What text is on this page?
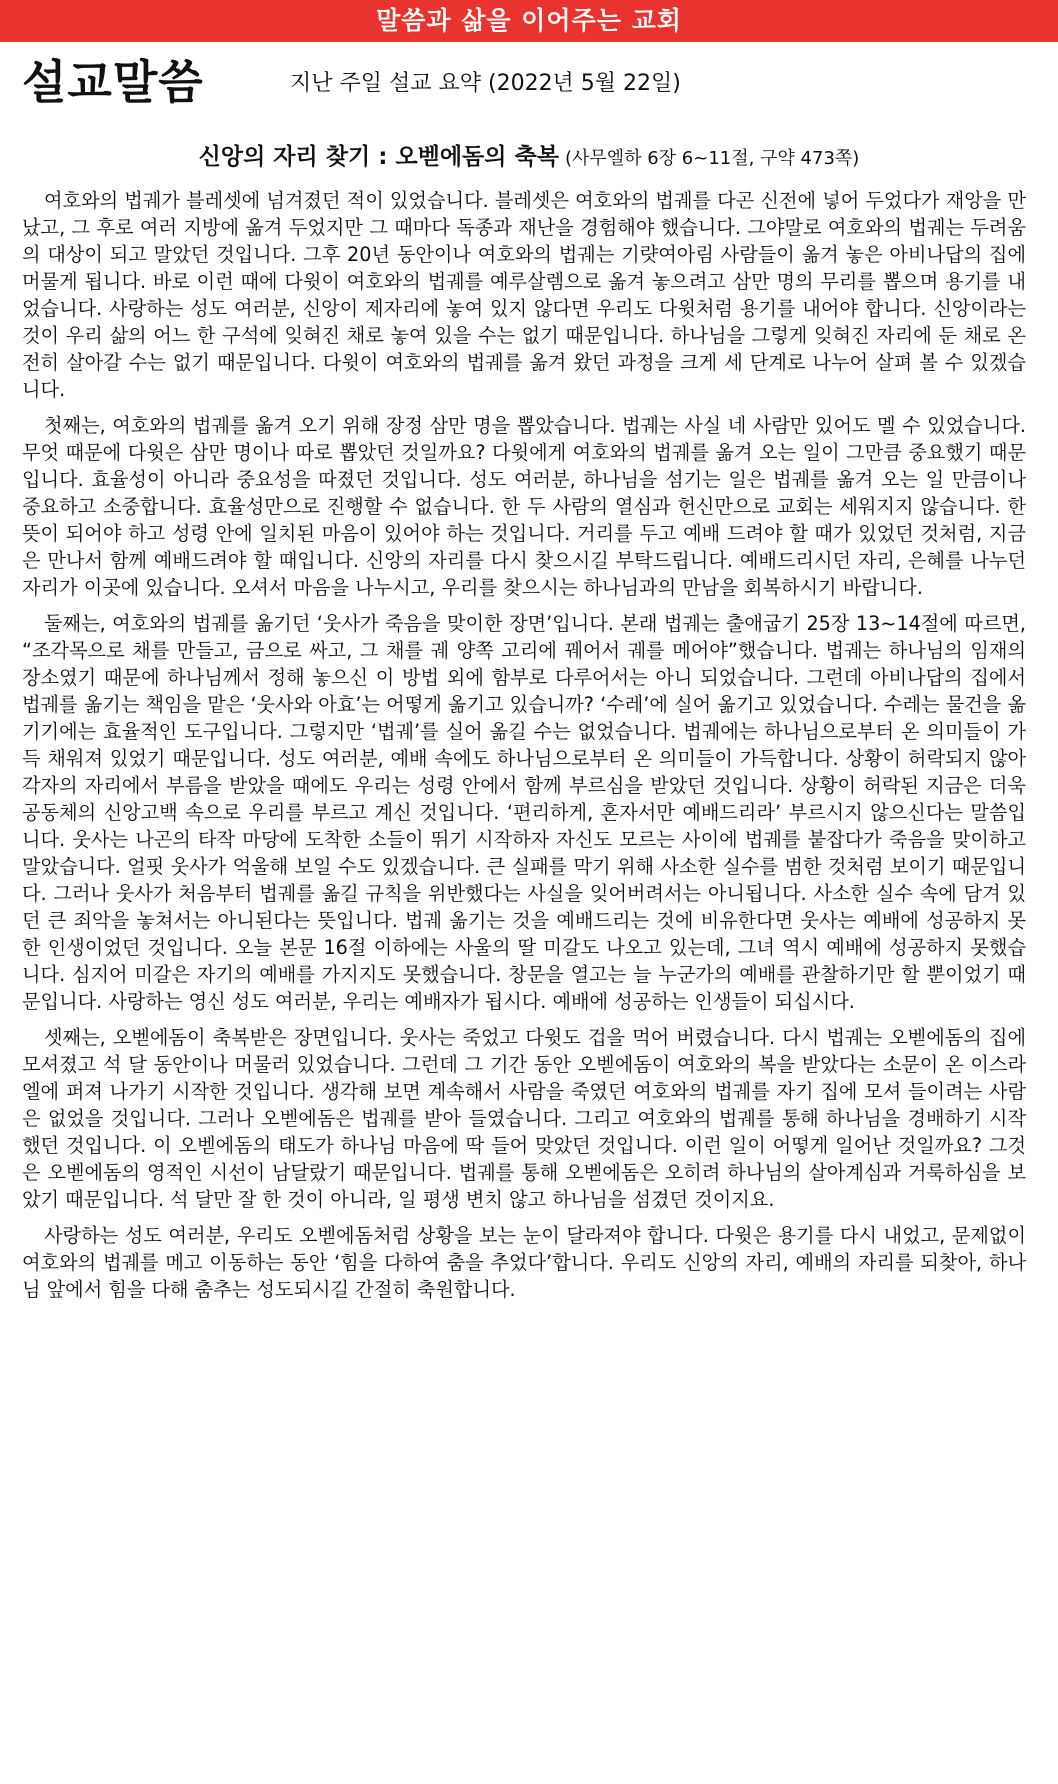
말씀과 삶을 이어주는 교회
설교말씀	지난 주일 설교 요약 (2022년 5월 22일)
신앙의 자리 찾기 : 오벧에돔의 축복 (사무엘하 6장 6~11절, 구약 473쪽)

여호와의 법궤가 블레셋에 넘겨졌던 적이 있었습니다. 블레셋은 여호와의 법궤를 다곤 신전에 넣어 두었다가 재앙을 만났고, 그 후로 여러 지방에 옮겨 두었지만 그 때마다 독종과 재난을 경험해야 했습니다. 그야말로 여호와의 법궤는 두려움의 대상이 되고 말았던 것입니다. 그후 20년 동안이나 여호와의 법궤는 기럇여아림 사람들이 옮겨 놓은 아비나답의 집에 머물게 됩니다. 바로 이런 때에 다윗이 여호와의 법궤를 예루살렘으로 옮겨 놓으려고 삼만 명의 무리를 뽑으며 용기를 내었습니다. 사랑하는 성도 여러분, 신앙이 제자리에 놓여 있지 않다면 우리도 다윗처럼 용기를 내어야 합니다. 신앙이라는 것이 우리 삶의 어느 한 구석에 잊혀진 채로 놓여 있을 수는 없기 때문입니다. 하나님을 그렇게 잊혀진 자리에 둔 채로 온전히 살아갈 수는 없기 때문입니다. 다윗이 여호와의 법궤를 옮겨 왔던 과정을 크게 세 단계로 나누어 살펴 볼 수 있겠습니다.

첫째는, 여호와의 법궤를 옮겨 오기 위해 장정 삼만 명을 뽑았습니다. 법궤는 사실 네 사람만 있어도 멜 수 있었습니다. 무엇 때문에 다윗은 삼만 명이나 따로 뽑았던 것일까요? 다윗에게 여호와의 법궤를 옮겨 오는 일이 그만큼 중요했기 때문입니다. 효율성이 아니라 중요성을 따졌던 것입니다. 성도 여러분, 하나님을 섬기는 일은 법궤를 옮겨 오는 일 만큼이나 중요하고 소중합니다. 효율성만으로 진행할 수 없습니다. 한 두 사람의 열심과 헌신만으로 교회는 세워지지 않습니다. 한 뜻이 되어야 하고 성령 안에 일치된 마음이 있어야 하는 것입니다. 거리를 두고 예배 드려야 할 때가 있었던 것처럼, 지금은 만나서 함께 예배드려야 할 때입니다. 신앙의 자리를 다시 찾으시길 부탁드립니다. 예배드리시던 자리, 은혜를 나누던 자리가 이곳에 있습니다. 오셔서 마음을 나누시고, 우리를 찾으시는 하나님과의 만남을 회복하시기 바랍니다.

둘째는, 여호와의 법궤를 옮기던 ‘웃사가 죽음을 맞이한 장면’입니다. 본래 법궤는 출애굽기 25장 13~14절에 따르면, “조각목으로 채를 만들고, 금으로 싸고, 그 채를 궤 양쪽 고리에 꿰어서 궤를 메어야”했습니다. 법궤는 하나님의 임재의 장소였기 때문에 하나님께서 정해 놓으신 이 방법 외에 함부로 다루어서는 아니 되었습니다. 그런데 아비나답의 집에서 법궤를 옮기는 책임을 맡은 ‘웃사와 아효’는 어떻게 옮기고 있습니까? ‘수레’에 실어 옮기고 있었습니다. 수레는 물건을 옮기기에는 효율적인 도구입니다. 그렇지만 ‘법궤’를 실어 옮길 수는 없었습니다. 법궤에는 하나님으로부터 온 의미들이 가득 채워져 있었기 때문입니다. 성도 여러분, 예배 속에도 하나님으로부터 온 의미들이 가득합니다. 상황이 허락되지 않아 각자의 자리에서 부름을 받았을 때에도 우리는 성령 안에서 함께 부르심을 받았던 것입니다. 상황이 허락된 지금은 더욱 공동체의 신앙고백 속으로 우리를 부르고 계신 것입니다. ‘편리하게, 혼자서만 예배드리라’ 부르시지 않으신다는 말씀입니다. 웃사는 나곤의 타작 마당에 도착한 소들이 뛰기 시작하자 자신도 모르는 사이에 법궤를 붙잡다가 죽음을 맞이하고 말았습니다. 얼핏 웃사가 억울해 보일 수도 있겠습니다. 큰 실패를 막기 위해 사소한 실수를 범한 것처럼 보이기 때문입니다. 그러나 웃사가 처음부터 법궤를 옮길 규칙을 위반했다는 사실을 잊어버려서는 아니됩니다. 사소한 실수 속에 담겨 있던 큰 죄악을 놓쳐서는 아니된다는 뜻입니다. 법궤 옮기는 것을 예배드리는 것에 비유한다면 웃사는 예배에 성공하지 못한 인생이었던 것입니다. 오늘 본문 16절 이하에는 사울의 딸 미갈도 나오고 있는데, 그녀 역시 예배에 성공하지 못했습니다. 심지어 미갈은 자기의 예배를 가지지도 못했습니다. 창문을 열고는 늘 누군가의 예배를 관찰하기만 할 뿐이었기 때문입니다. 사랑하는 영신 성도 여러분, 우리는 예배자가 됩시다. 예배에 성공하는 인생들이 되십시다.

셋째는, 오벧에돔이 축복받은 장면입니다. 웃사는 죽었고 다윗도 겁을 먹어 버렸습니다. 다시 법궤는 오벧에돔의 집에 모셔졌고 석 달 동안이나 머물러 있었습니다. 그런데 그 기간 동안 오벧에돔이 여호와의 복을 받았다는 소문이 온 이스라엘에 퍼져 나가기 시작한 것입니다. 생각해 보면 계속해서 사람을 죽였던 여호와의 법궤를 자기 집에 모셔 들이려는 사람은 없었을 것입니다. 그러나 오벧에돔은 법궤를 받아 들였습니다. 그리고 여호와의 법궤를 통해 하나님을 경배하기 시작했던 것입니다. 이 오벧에돔의 태도가 하나님 마음에 딱 들어 맞았던 것입니다. 이런 일이 어떻게 일어난 것일까요? 그것은 오벧에돔의 영적인 시선이 남달랐기 때문입니다. 법궤를 통해 오벧에돔은 오히려 하나님의 살아계심과 거룩하심을 보았기 때문입니다. 석 달만 잘 한 것이 아니라, 일 평생 변치 않고 하나님을 섬겼던 것이지요.

사랑하는 성도 여러분, 우리도 오벧에돔처럼 상황을 보는 눈이 달라져야 합니다. 다윗은 용기를 다시 내었고, 문제없이 여호와의 법궤를 메고 이동하는 동안 ‘힘을 다하여 춤을 추었다’합니다. 우리도 신앙의 자리, 예배의 자리를 되찾아, 하나님 앞에서 힘을 다해 춤추는 성도되시길 간절히 축원합니다.
